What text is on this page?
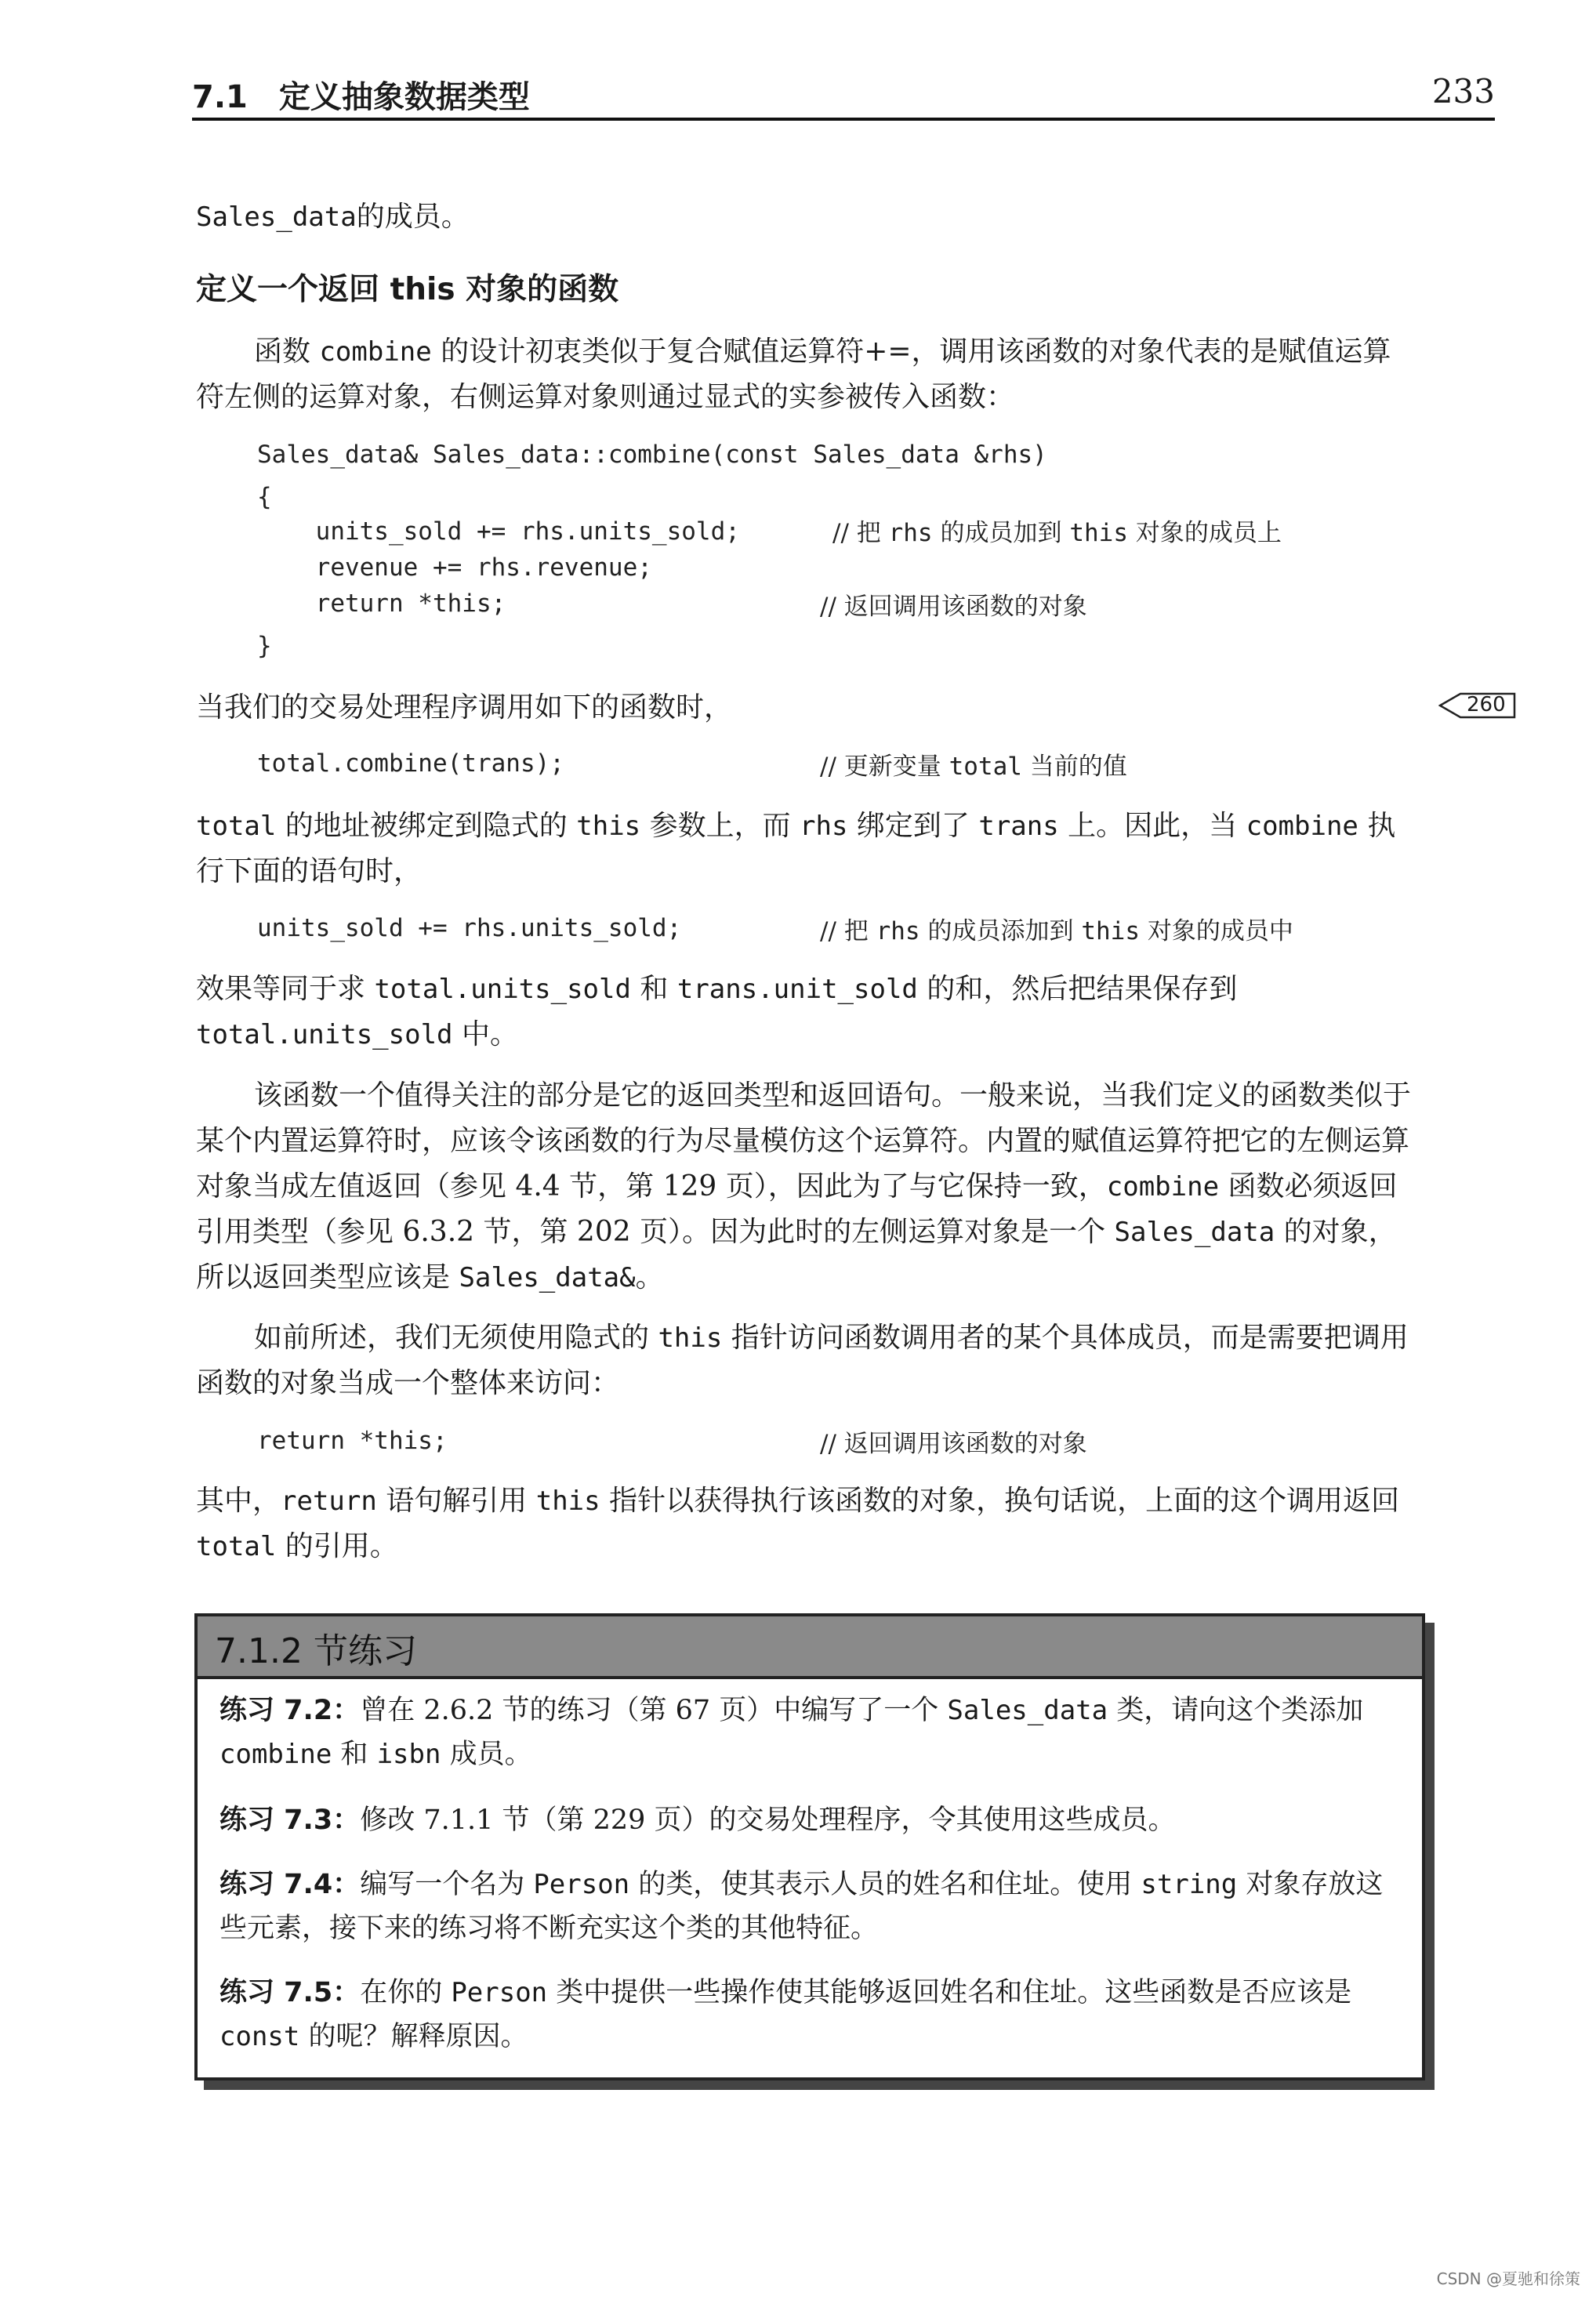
7.1　定义抽象数据类型	233
Sales_data的成员。
定义一个返回 this 对象的函数
函数 combine 的设计初衷类似于复合赋值运算符+=，调用该函数的对象代表的是赋值运算符左侧的运算对象，右侧运算对象则通过显式的实参被传入函数：
Sales_data& Sales_data::combine(const Sales_data &rhs)
{
units_sold += rhs.units_sold;
revenue += rhs.revenue;
return *this;
}
// 把 rhs 的成员加到 this 对象的成员上
// 返回调用该函数的对象
当我们的交易处理程序调用如下的函数时，	260
total.combine(trans);	// 更新变量 total 当前的值
total 的地址被绑定到隐式的 this 参数上，而 rhs 绑定到了 trans 上。因此，当 combine 执行下面的语句时，
units_sold += rhs.units_sold;	// 把 rhs 的成员添加到 this 对象的成员中
效果等同于求 total.units_sold 和 trans.unit_sold 的和，然后把结果保存到 total.units_sold 中。
该函数一个值得关注的部分是它的返回类型和返回语句。一般来说，当我们定义的函数类似于某个内置运算符时，应该令该函数的行为尽量模仿这个运算符。内置的赋值运算符把它的左侧运算对象当成左值返回（参见 4.4 节，第 129 页），因此为了与它保持一致，combine 函数必须返回引用类型（参见 6.3.2 节，第 202 页）。因为此时的左侧运算对象是一个 Sales_data 的对象，所以返回类型应该是 Sales_data&。
如前所述，我们无须使用隐式的 this 指针访问函数调用者的某个具体成员，而是需要把调用函数的对象当成一个整体来访问：
return *this;	// 返回调用该函数的对象
其中，return 语句解引用 this 指针以获得执行该函数的对象，换句话说，上面的这个调用返回 total 的引用。
7.1.2 节练习
练习 7.2：曾在 2.6.2 节的练习（第 67 页）中编写了一个 Sales_data 类，请向这个类添加 combine 和 isbn 成员。
练习 7.3：修改 7.1.1 节（第 229 页）的交易处理程序，令其使用这些成员。
练习 7.4：编写一个名为 Person 的类，使其表示人员的姓名和住址。使用 string 对象存放这些元素，接下来的练习将不断充实这个类的其他特征。
练习 7.5：在你的 Person 类中提供一些操作使其能够返回姓名和住址。这些函数是否应该是 const 的呢？解释原因。
CSDN @夏驰和徐策
